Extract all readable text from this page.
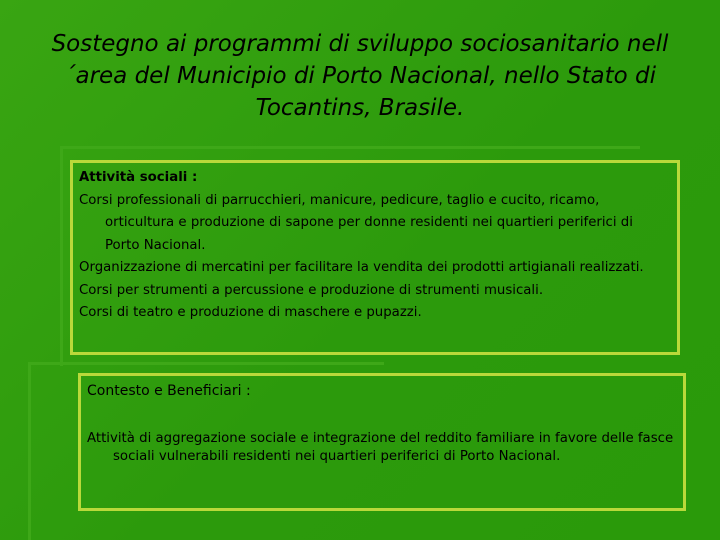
Sostegno ai programmi di sviluppo sociosanitario nell´area del Municipio di Porto Nacional, nello Stato di Tocantins, Brasile.
Attività sociali :
Corsi professionali di parrucchieri, manicure, pedicure, taglio e cucito, ricamo, orticultura e produzione di sapone per donne residenti nei quartieri periferici di Porto Nacional.
Organizzazione di mercatini per facilitare la vendita dei prodotti artigianali realizzati.
Corsi per strumenti a percussione e produzione di strumenti musicali.
Corsi di teatro e produzione di maschere e pupazzi.
Contesto e Beneficiari :
Attività di aggregazione sociale e integrazione del reddito familiare in favore delle fasce sociali vulnerabili residenti nei quartieri periferici di Porto Nacional.
